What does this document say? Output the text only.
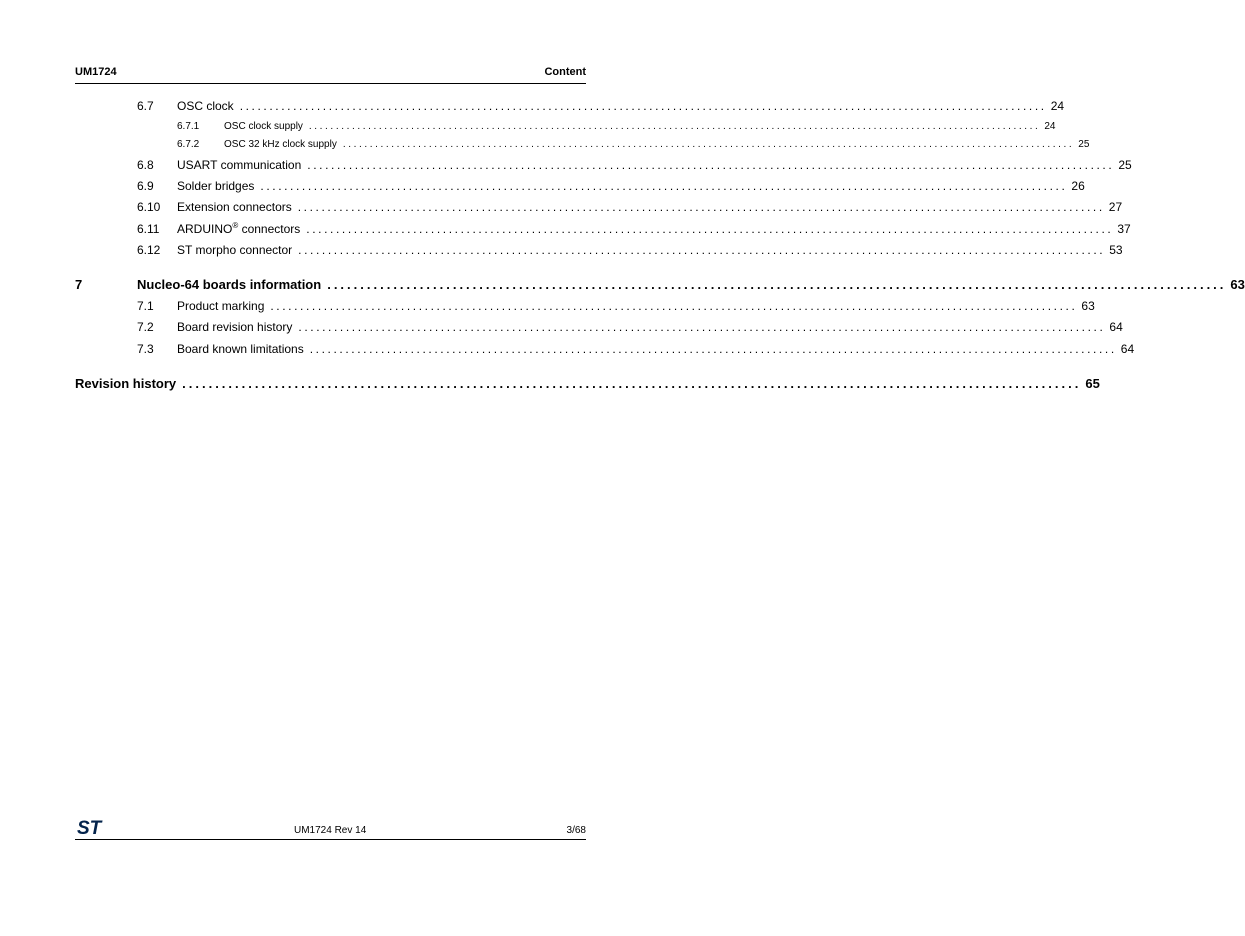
UM1724	Content
6.7 OSC clock ........................................................................................................................................ 24
6.7.1 OSC clock supply ........................................................................................................................................ 24
6.7.2 OSC 32 kHz clock supply ........................................................................................................................................ 25
6.8 USART communication ........................................................................................................................................ 25
6.9 Solder bridges ........................................................................................................................................ 26
6.10 Extension connectors ........................................................................................................................................ 27
6.11 ARDUINO® connectors ........................................................................................................................................ 37
6.12 ST morpho connector ........................................................................................................................................ 53
7	Nucleo-64 boards information ........................................................................................................................................ 63
7.1 Product marking ........................................................................................................................................ 63
7.2 Board revision history ........................................................................................................................................ 64
7.3 Board known limitations ........................................................................................................................................ 64
Revision history ........................................................................................................................................ 65
ST	UM1724 Rev 14	3/68
